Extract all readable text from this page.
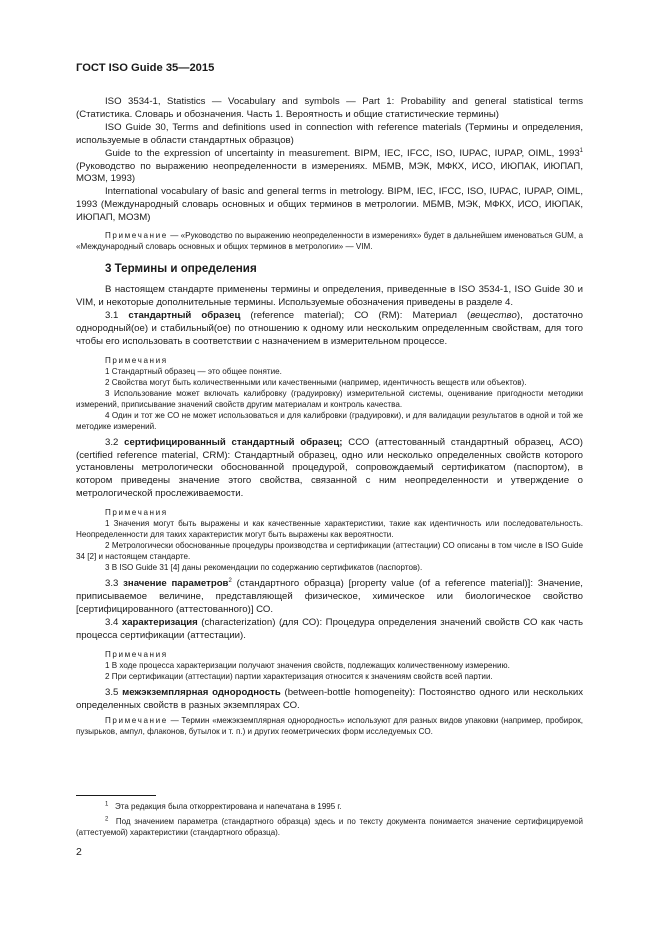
ГОСТ ISO Guide 35—2015

ISO 3534-1, Statistics — Vocabulary and symbols — Part 1: Probability and general statistical terms (Статистика. Словарь и обозначения. Часть 1. Вероятность и общие статистические термины)

ISO Guide 30, Terms and definitions used in connection with reference materials (Термины и определения, используемые в области стандартных образцов)

Guide to the expression of uncertainty in measurement. BIPM, IEC, IFCC, ISO, IUPAC, IUPAP, OIML, 1993$^1$ (Руководство по выражению неопределенности в измерениях. МБМВ, МЭК, МФКХ, ИСО, ИЮПАК, ИЮПАП, МОЗМ, 1993)

International vocabulary of basic and general terms in metrology. BIPM, IEC, IFCC, ISO, IUPAC, IUPAP, OIML, 1993 (Международный словарь основных и общих терминов в метрологии. МБМВ, МЭК, МФКХ, ИСО, ИЮПАК, ИЮПАП, МОЗМ)

Примечание — «Руководство по выражению неопределенности в измерениях» будет в дальнейшем именоваться GUM, а «Международный словарь основных и общих терминов в метрологии» — VIM.

3 Термины и определения

В настоящем стандарте применены термины и определения, приведенные в ISO 3534-1, ISO Guide 30 и VIM, и некоторые дополнительные термины. Используемые обозначения приведены в разделе 4.

3.1 стандартный образец (reference material); СО (RM): Материал (веществo), достаточно однородный(ое) и стабильный(ое) по отношению к одному или нескольким определенным свойствам, для того чтобы его использовать в соответствии с назначением в измерительном процессе.

Примечания

1 Стандартный образец — это общее понятие.

2 Свойства могут быть количественными или качественными (например, идентичность веществ или объектов).

3 Использование может включать калибровку (градуировку) измерительной системы, оценивание пригодности методики измерений, приписывание значений свойств другим материалам и контроль качества.

4 Один и тот же СО не может использоваться и для калибровки (градуировки), и для валидации результатов в одной и той же методике измерений.

3.2 сертифицированный стандартный образец; ССО (аттестованный стандартный образец, АСО) (certified reference material, CRM): Стандартный образец, одно или несколько определенных свойств которого установлены метрологически обоснованной процедурой, сопровождаемый сертификатом (паспортом), в котором приведены значение этого свойства, связанной с ним неопределенности и утверждение о метрологической прослеживаемости.

Примечания

1 Значения могут быть выражены и как качественные характеристики, такие как идентичность или последовательность. Неопределенности для таких характеристик могут быть выражены как вероятности.

2 Метрологически обоснованные процедуры производства и сертификации (аттестации) СО описаны в том числе в ISO Guide 34 [2] и настоящем стандарте.

3 В ISO Guide 31 [4] даны рекомендации по содержанию сертификатов (паспортов).

3.3 значение параметров$^2$ (стандартного образца) [property value (of a reference material)]: Значение, приписываемое величине, представляющей физическое, химическое или биологическое свойство [сертифицированного (аттестованного)] СО.

3.4 характеризация (characterization) (для СО): Процедура определения значений свойств СО как часть процесса сертификации (аттестации).

Примечания

1 В ходе процесса характеризации получают значения свойств, подлежащих количественному измерению.

2 При сертификации (аттестации) партии характеризация относится к значениям свойств всей партии.

3.5 межэкземплярная однородность (between-bottle homogeneity): Постоянство одного или нескольких определенных свойств в разных экземплярах СО.

Примечание — Термин «межэкземплярная однородность» используют для разных видов упаковки (например, пробирок, пузырьков, ампул, флаконов, бутылок и т. п.) и других геометрических форм исследуемых СО.

$^1$ Эта редакция была откорректирована и напечатана в 1995 г.

$^2$ Под значением параметра (стандартного образца) здесь и по тексту документа понимается значение сертифицируемой (аттестуемой) характеристики (стандартного образца).

2
